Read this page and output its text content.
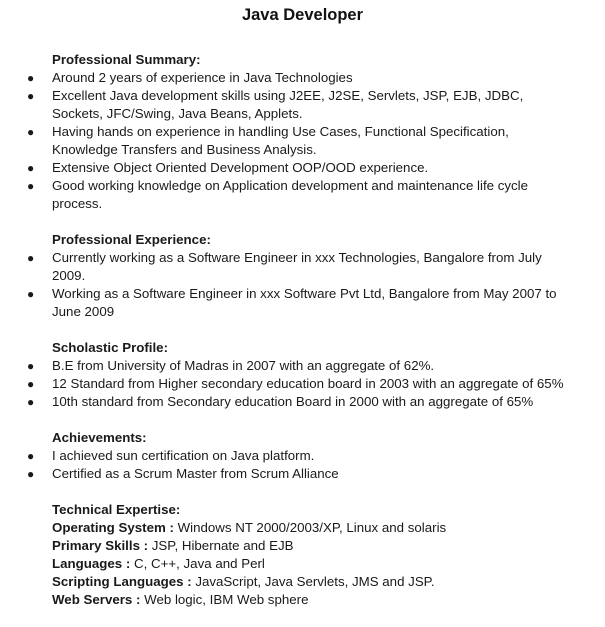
Java Developer
Professional Summary:
● Around 2 years of experience in Java Technologies
● Excellent Java development skills using J2EE, J2SE, Servlets, JSP, EJB, JDBC, Sockets, JFC/Swing, Java Beans, Applets.
● Having hands on experience in handling Use Cases, Functional Specification, Knowledge Transfers and Business Analysis.
● Extensive Object Oriented Development OOP/OOD experience.
● Good working knowledge on Application development and maintenance life cycle process.
Professional Experience:
● Currently working as a Software Engineer in xxx Technologies, Bangalore from July 2009.
● Working as a Software Engineer in xxx Software Pvt Ltd, Bangalore from May 2007 to June 2009
Scholastic Profile:
● B.E from University of Madras in 2007 with an aggregate of 62%.
● 12 Standard from Higher secondary education board in 2003 with an aggregate of 65%
● 10th standard from Secondary education Board in 2000 with an aggregate of 65%
Achievements:
● I achieved sun certification on Java platform.
● Certified as a Scrum Master from Scrum Alliance
Technical Expertise:
Operating System : Windows NT 2000/2003/XP, Linux and solaris
Primary Skills : JSP, Hibernate and EJB
Languages : C, C++, Java and Perl
Scripting Languages : JavaScript, Java Servlets, JMS and JSP.
Web Servers : Web logic, IBM Web sphere
